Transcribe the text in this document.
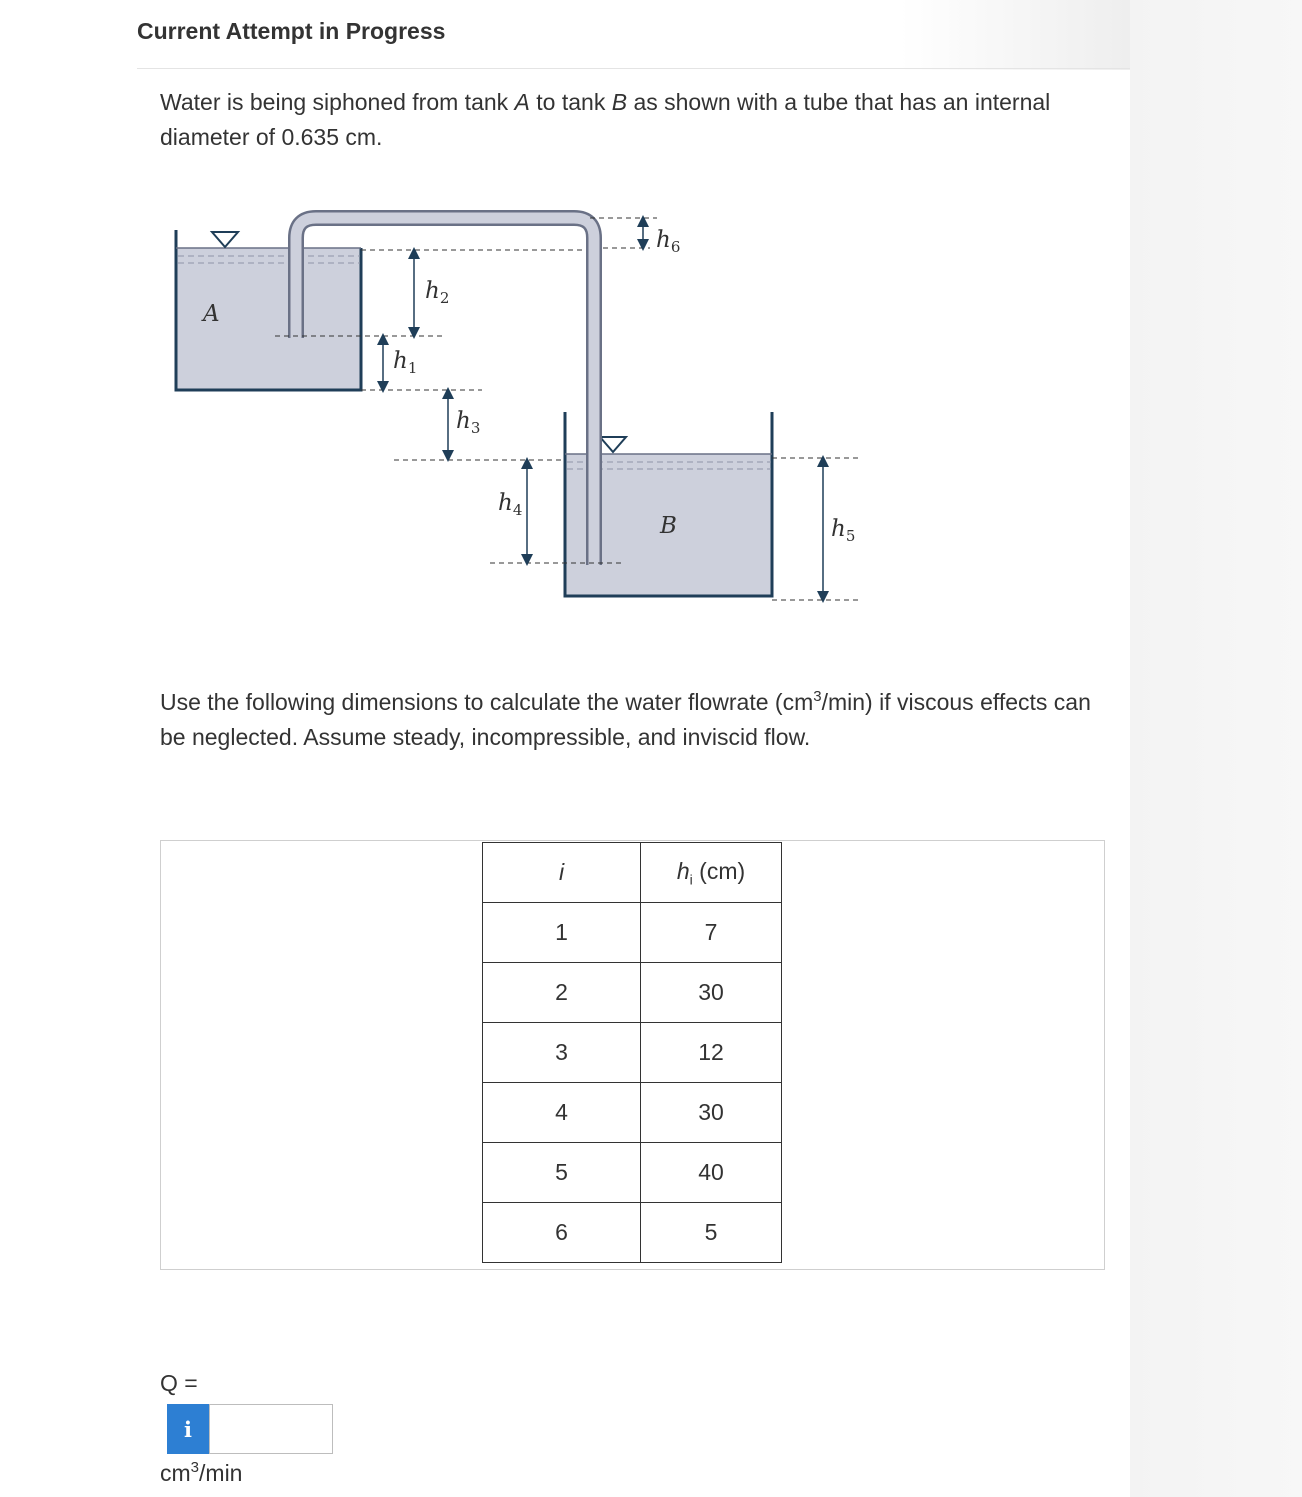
Current Attempt in Progress
Water is being siphoned from tank A to tank B as shown with a tube that has an internal diameter of 0.635 cm.
A
B
$h_2$
$h_1$
$h_3$
$h_4$
$h_5$
$h_6$
Use the following dimensions to calculate the water flowrate $(cm^3/\min)$ if viscous effects can be neglected. Assume steady, incompressible, and inviscid flow.
i	$h_i$ (cm)
1	7
2	30
3	12
4	30
5	40
6	5
Q =
i
$cm^3/\min$
